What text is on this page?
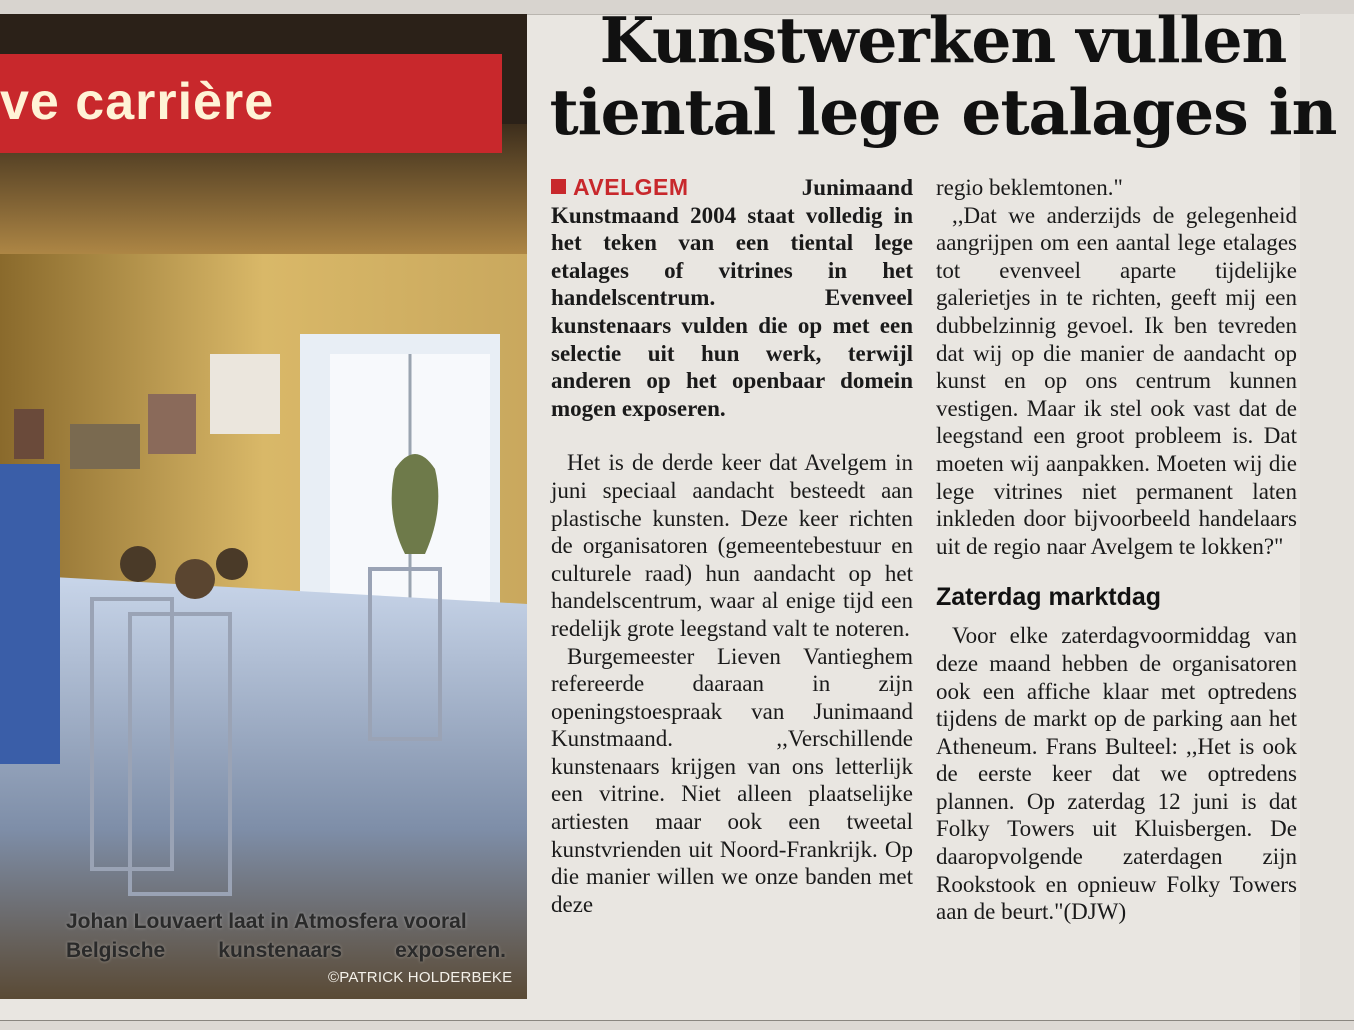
ve carrière
Johan Louvaert laat in Atmosfera vooral
Belgische kunstenaars exposeren.
©PATRICK HOLDERBEKE
Kunstwerken vullen
tiental lege etalages in

AVELGEM	Junimaand Kunstmaand 2004 staat volledig in het teken van een tiental lege etalages of vitrines in het handelscentrum. Evenveel kunstenaars vulden die op met een selectie uit hun werk, terwijl anderen op het openbaar domein mogen exposeren.

Het is de derde keer dat Avelgem in juni speciaal aandacht besteedt aan plastische kunsten. Deze keer richten de organisatoren (gemeentebestuur en culturele raad) hun aandacht op het handelscentrum, waar al enige tijd een redelijk grote leegstand valt te noteren.

Burgemeester Lieven Vantieghem refereerde daaraan in zijn openingstoespraak van Junimaand Kunstmaand. ,,Verschillende kunstenaars krijgen van ons letterlijk een vitrine. Niet alleen plaatselijke artiesten maar ook een tweetal kunstvrienden uit Noord-Frankrijk. Op die manier willen we onze banden met deze

regio beklemtonen."

,,Dat we anderzijds de gelegenheid aangrijpen om een aantal lege etalages tot evenveel aparte tijdelijke galerietjes in te richten, geeft mij een dubbelzinnig gevoel. Ik ben tevreden dat wij op die manier de aandacht op kunst en op ons centrum kunnen vestigen. Maar ik stel ook vast dat de leegstand een groot probleem is. Dat moeten wij aanpakken. Moeten wij die lege vitrines niet permanent laten inkleden door bijvoorbeeld handelaars uit de regio naar Avelgem te lokken?"

Zaterdag marktdag

Voor elke zaterdagvoormiddag van deze maand hebben de organisatoren ook een affiche klaar met optredens tijdens de markt op de parking aan het Atheneum. Frans Bulteel: ,,Het is ook de eerste keer dat we optredens plannen. Op zaterdag 12 juni is dat Folky Towers uit Kluisbergen. De daaropvolgende zaterdagen zijn Rookstook en opnieuw Folky Towers aan de beurt."(DJW)
